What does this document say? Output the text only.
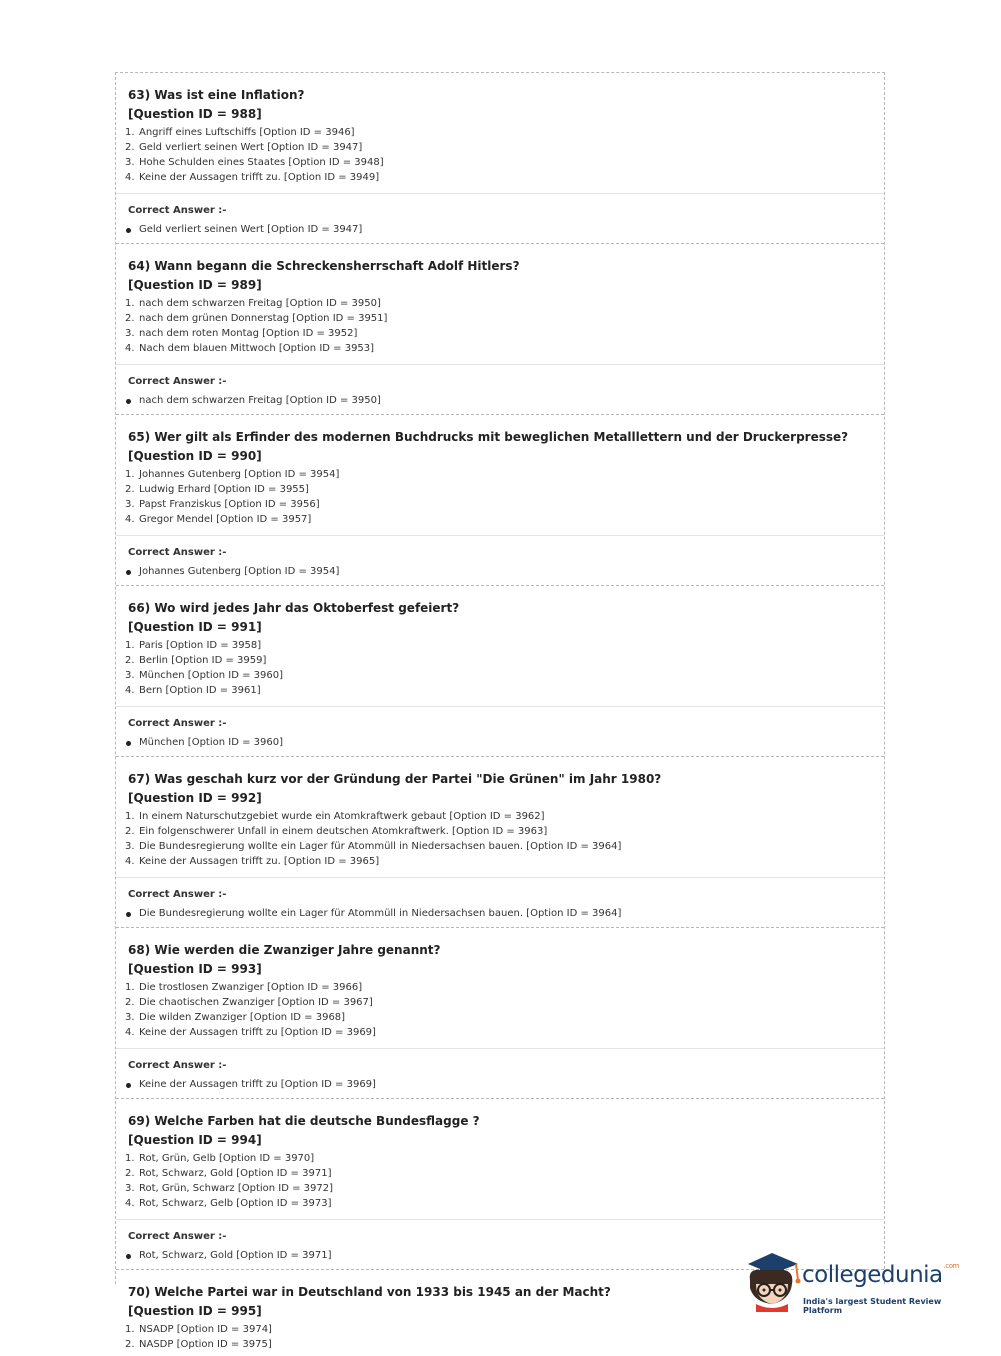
63) Was ist eine Inflation?
[Question ID = 988]
1. Angriff eines Luftschiffs [Option ID = 3946]
2. Geld verliert seinen Wert [Option ID = 3947]
3. Hohe Schulden eines Staates [Option ID = 3948]
4. Keine der Aussagen trifft zu. [Option ID = 3949]
Correct Answer :-
Geld verliert seinen Wert [Option ID = 3947]
64) Wann begann die Schreckensherrschaft Adolf Hitlers?
[Question ID = 989]
1. nach dem schwarzen Freitag [Option ID = 3950]
2. nach dem grünen Donnerstag [Option ID = 3951]
3. nach dem roten Montag [Option ID = 3952]
4. Nach dem blauen Mittwoch [Option ID = 3953]
Correct Answer :-
nach dem schwarzen Freitag [Option ID = 3950]
65) Wer gilt als Erfinder des modernen Buchdrucks mit beweglichen Metalllettern und der Druckerpresse?
[Question ID = 990]
1. Johannes Gutenberg [Option ID = 3954]
2. Ludwig Erhard [Option ID = 3955]
3. Papst Franziskus [Option ID = 3956]
4. Gregor Mendel [Option ID = 3957]
Correct Answer :-
Johannes Gutenberg [Option ID = 3954]
66) Wo wird jedes Jahr das Oktoberfest gefeiert?
[Question ID = 991]
1. Paris [Option ID = 3958]
2. Berlin [Option ID = 3959]
3. München [Option ID = 3960]
4. Bern [Option ID = 3961]
Correct Answer :-
München [Option ID = 3960]
67) Was geschah kurz vor der Gründung der Partei "Die Grünen" im Jahr 1980?
[Question ID = 992]
1. In einem Naturschutzgebiet wurde ein Atomkraftwerk gebaut [Option ID = 3962]
2. Ein folgenschwerer Unfall in einem deutschen Atomkraftwerk. [Option ID = 3963]
3. Die Bundesregierung wollte ein Lager für Atommüll in Niedersachsen bauen. [Option ID = 3964]
4. Keine der Aussagen trifft zu. [Option ID = 3965]
Correct Answer :-
Die Bundesregierung wollte ein Lager für Atommüll in Niedersachsen bauen. [Option ID = 3964]
68) Wie werden die Zwanziger Jahre genannt?
[Question ID = 993]
1. Die trostlosen Zwanziger [Option ID = 3966]
2. Die chaotischen Zwanziger [Option ID = 3967]
3. Die wilden Zwanziger [Option ID = 3968]
4. Keine der Aussagen trifft zu [Option ID = 3969]
Correct Answer :-
Keine der Aussagen trifft zu [Option ID = 3969]
69) Welche Farben hat die deutsche Bundesflagge ?
[Question ID = 994]
1. Rot, Grün, Gelb [Option ID = 3970]
2. Rot, Schwarz, Gold [Option ID = 3971]
3. Rot, Grün, Schwarz [Option ID = 3972]
4. Rot, Schwarz, Gelb [Option ID = 3973]
Correct Answer :-
Rot, Schwarz, Gold [Option ID = 3971]
70) Welche Partei war in Deutschland von 1933 bis 1945 an der Macht?
[Question ID = 995]
1. NSADP [Option ID = 3974]
2. NASDP [Option ID = 3975]
collegedunia$^{.com}$
India's largest Student Review Platform
